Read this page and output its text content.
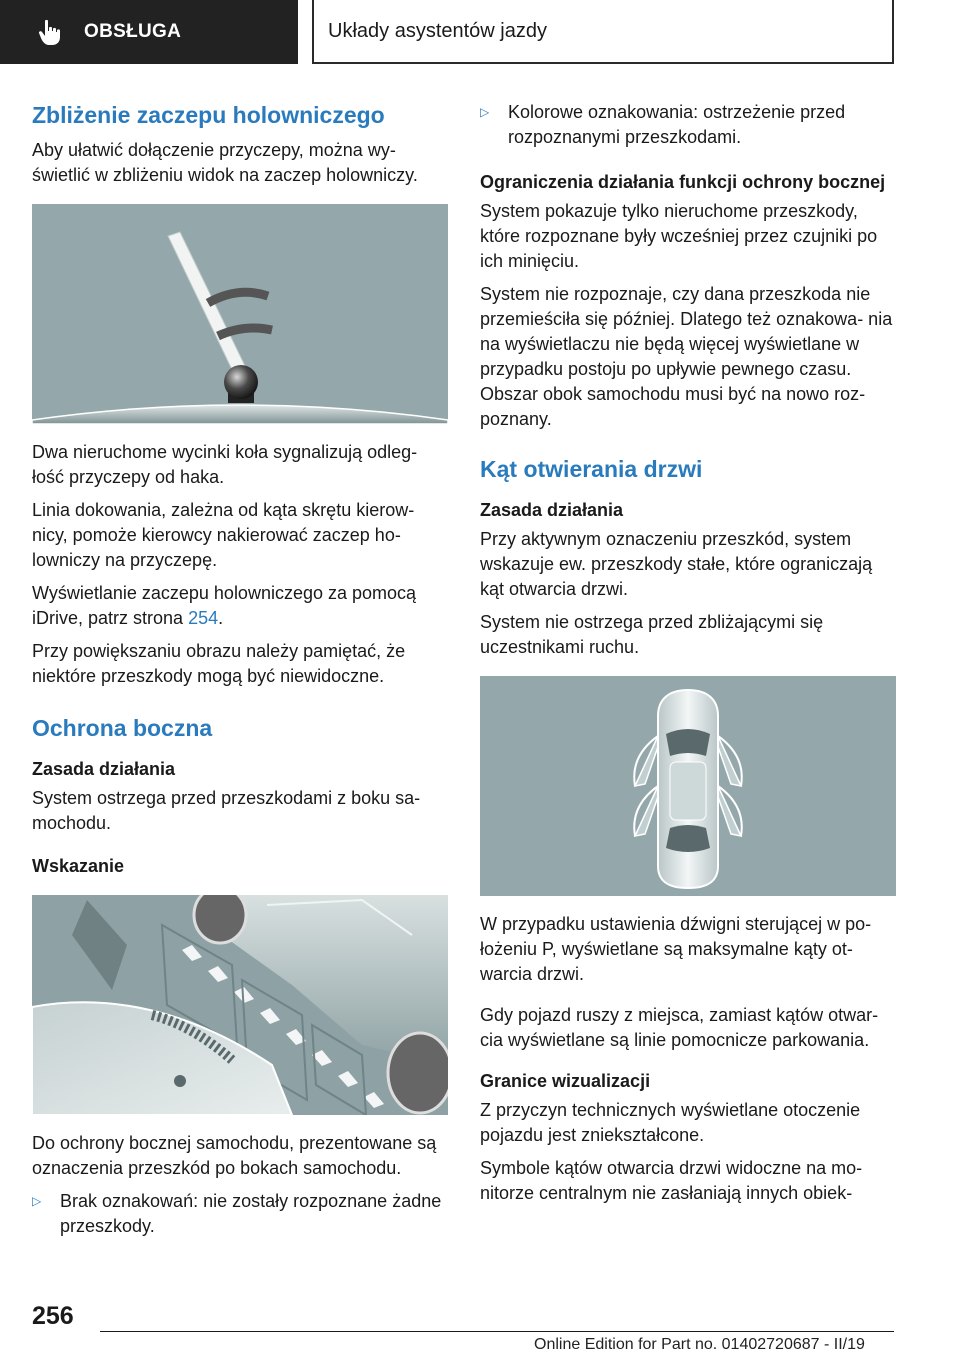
OBSŁUGA	Układy asystentów jazdy
Zbliżenie zaczepu holowniczego

Aby ułatwić dołączenie przyczepy, można wy- świetlić w zbliżeniu widok na zaczep holowniczy.

Dwa nieruchome wycinki koła sygnalizują odleg- łość przyczepy od haka.

Linia dokowania, zależna od kąta skrętu kierow- nicy, pomoże kierowcy nakierować zaczep ho- lowniczy na przyczepę.

Wyświetlanie zaczepu holowniczego za pomocą iDrive, patrz strona 254.

Przy powiększaniu obrazu należy pamiętać, że niektóre przeszkody mogą być niewidoczne.

Ochrona boczna
Zasada działania

System ostrzega przed przeszkodami z boku sa- mochodu.

Wskazanie

Do ochrony bocznej samochodu, prezentowane są oznaczenia przeszkód po bokach samochodu.

▷	Brak oznakowań: nie zostały rozpoznane żadne przeszkody.
▷	Kolorowe oznakowania: ostrzeżenie przed rozpoznanymi przeszkodami.
Ograniczenia działania funkcji ochrony bocznej

System pokazuje tylko nieruchome przeszkody, które rozpoznane były wcześniej przez czujniki po ich minięciu.

System nie rozpoznaje, czy dana przeszkoda nie przemieściła się później. Dlatego też oznakowa- nia na wyświetlaczu nie będą więcej wyświetlane w przypadku postoju po upływie pewnego czasu. Obszar obok samochodu musi być na nowo roz- poznany.

Kąt otwierania drzwi
Zasada działania

Przy aktywnym oznaczeniu przeszkód, system wskazuje ew. przeszkody stałe, które ograniczają kąt otwarcia drzwi.

System nie ostrzega przed zbliżającymi się uczestnikami ruchu.

W przypadku ustawienia dźwigni sterującej w po- łożeniu P, wyświetlane są maksymalne kąty ot- warcia drzwi.

Gdy pojazd ruszy z miejsca, zamiast kątów otwar- cia wyświetlane są linie pomocnicze parkowania.

Granice wizualizacji

Z przyczyn technicznych wyświetlane otoczenie pojazdu jest zniekształcone.

Symbole kątów otwarcia drzwi widoczne na mo- nitorze centralnym nie zasłaniają innych obiek-

256
Online Edition for Part no. 01402720687 - II/19
